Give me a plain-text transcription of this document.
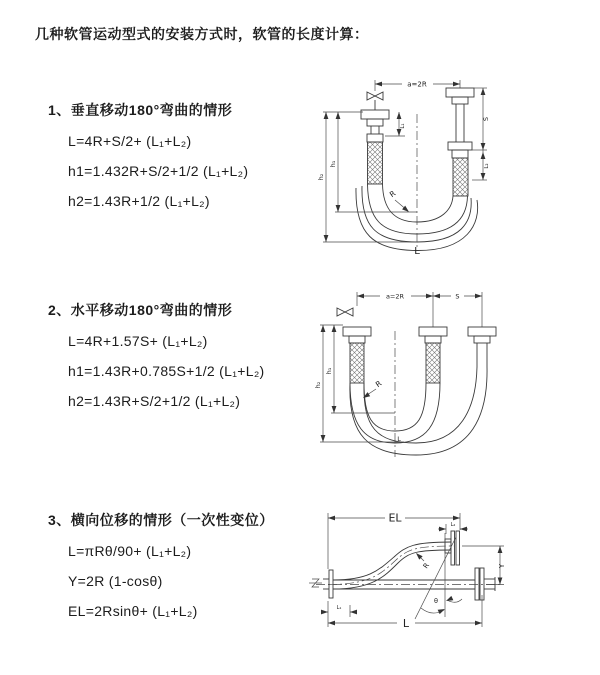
几种软管运动型式的安装方式时，软管的长度计算：
1、垂直移动180°弯曲的情形
L=4R+S/2+ (L₁+L₂)
h1=1.432R+S/2+1/2 (L₁+L₂)
h2=1.43R+1/2 (L₁+L₂)
2、水平移动180°弯曲的情形
L=4R+1.57S+ (L₁+L₂)
h1=1.43R+0.785S+1/2 (L₁+L₂)
h2=1.43R+S/2+1/2 (L₁+L₂)
3、横向位移的情形（一次性变位）
L=πRθ/90+ (L₁+L₂)
Y=2R (1-cosθ)
EL=2Rsinθ+ (L₁+L₂)
a=2R
h₂
h₁
L₁
S
L₂
R
L
a=2R	S
h₂
h₁
R
L
EL
L₂
θ
R	Y
L₁
L
